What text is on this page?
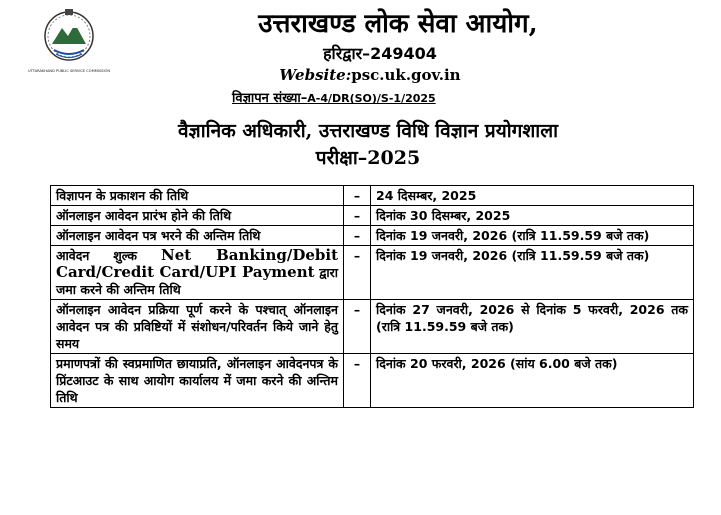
UTTARAKHAND PUBLIC SERVICE COMMISSION
उत्तराखण्ड लोक सेवा आयोग,
हरिद्वार–249404
Website:psc.uk.gov.in
विज्ञापन संख्या–A-4/DR(SO)/S-1/2025
वैज्ञानिक अधिकारी, उत्तराखण्ड विधि विज्ञान प्रयोगशाला
परीक्षा–2025
विज्ञापन के प्रकाशन की तिथि	–	24 दिसम्बर, 2025
ऑनलाइन आवेदन प्रारंभ होने की तिथि	–	दिनांक 30 दिसम्बर, 2025
ऑनलाइन आवेदन पत्र भरने की अन्तिम तिथि	–	दिनांक 19 जनवरी, 2026 (रात्रि 11.59.59 बजे तक)
आवेदन शुल्क Net Banking/Debit Card/Credit Card/UPI Payment द्वारा जमा करने की अन्तिम तिथि	–	दिनांक 19 जनवरी, 2026 (रात्रि 11.59.59 बजे तक)
ऑनलाइन आवेदन प्रक्रिया पूर्ण करने के पश्चात् ऑनलाइन आवेदन पत्र की प्रविष्टियों में संशोधन/परिवर्तन किये जाने हेतु समय	–	दिनांक 27 जनवरी, 2026 से दिनांक 5 फरवरी, 2026 तक (रात्रि 11.59.59 बजे तक)
प्रमाणपत्रों की स्वप्रमाणित छायाप्रति, ऑनलाइन आवेदनपत्र के प्रिंटआउट के साथ आयोग कार्यालय में जमा करने की अन्तिम तिथि	–	दिनांक 20 फरवरी, 2026 (सांय 6.00 बजे तक)
